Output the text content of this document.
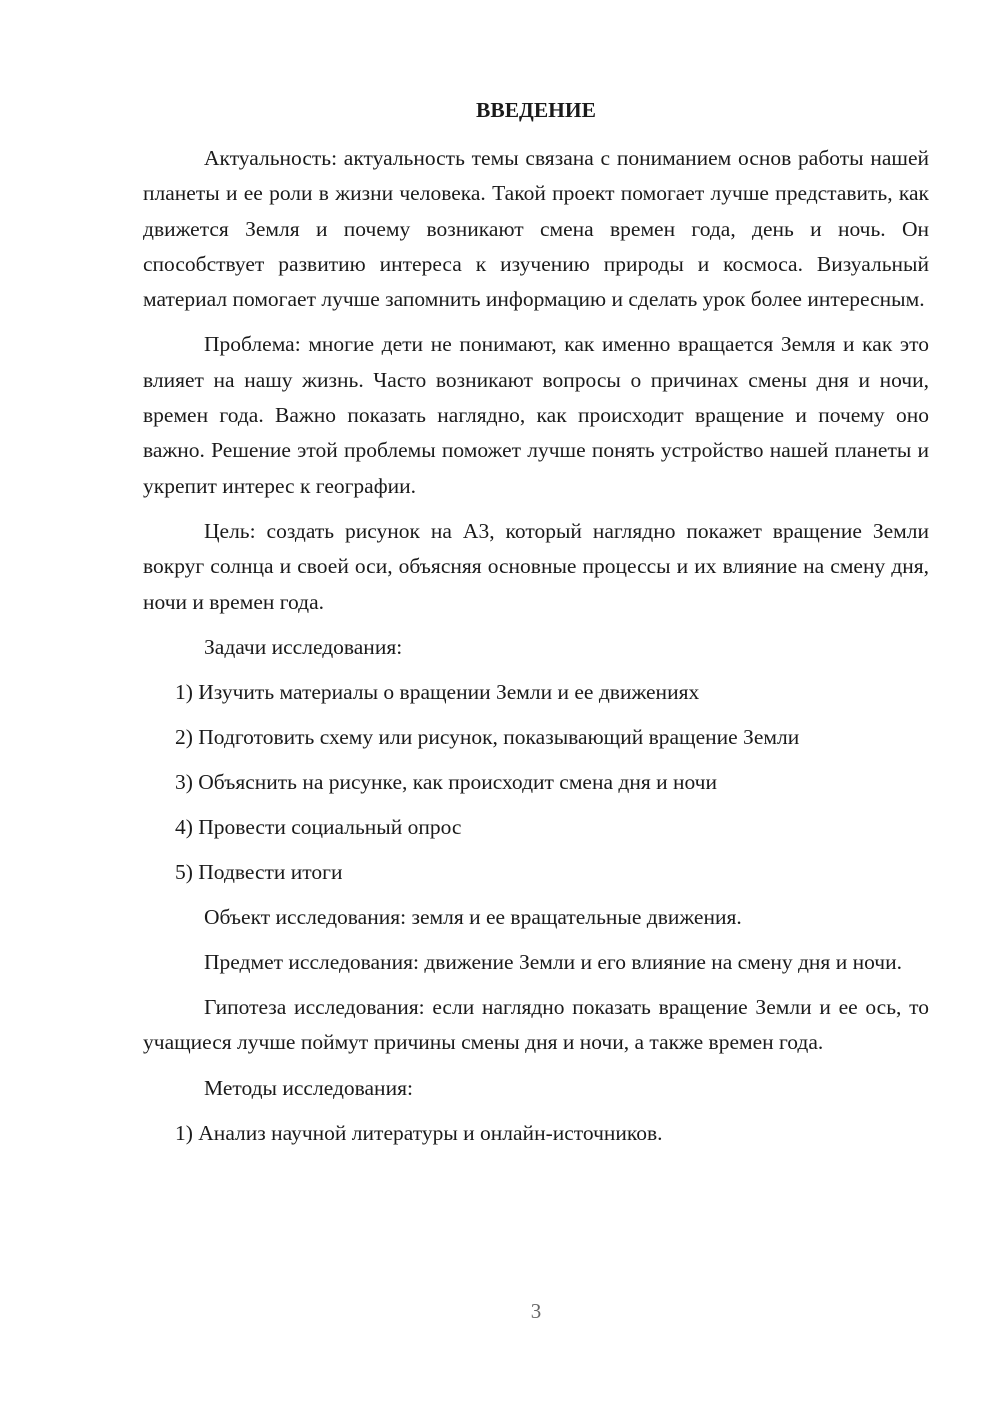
ВВЕДЕНИЕ

Актуальность: актуальность темы связана с пониманием основ работы нашей планеты и ее роли в жизни человека. Такой проект помогает лучше представить, как движется Земля и почему возникают смена времен года, день и ночь. Он способствует развитию интереса к изучению природы и космоса. Визуальный материал помогает лучше запомнить информацию и сделать урок более интересным.

Проблема: многие дети не понимают, как именно вращается Земля и как это влияет на нашу жизнь. Часто возникают вопросы о причинах смены дня и ночи, времен года. Важно показать наглядно, как происходит вращение и почему оно важно. Решение этой проблемы поможет лучше понять устройство нашей планеты и укрепит интерес к географии.

Цель: создать рисунок на А3, который наглядно покажет вращение Земли вокруг солнца и своей оси, объясняя основные процессы и их влияние на смену дня, ночи и времен года.

Задачи исследования:
1) Изучить материалы о вращении Земли и ее движениях
2) Подготовить схему или рисунок, показывающий вращение Земли
3) Объяснить на рисунке, как происходит смена дня и ночи
4) Провести социальный опрос
5) Подвести итоги
Объект исследования: земля и ее вращательные движения.

Предмет исследования: движение Земли и его влияние на смену дня и ночи.

Гипотеза исследования: если наглядно показать вращение Земли и ее ось, то учащиеся лучше поймут причины смены дня и ночи, а также времен года.

Методы исследования:
1) Анализ научной литературы и онлайн-источников.
3
